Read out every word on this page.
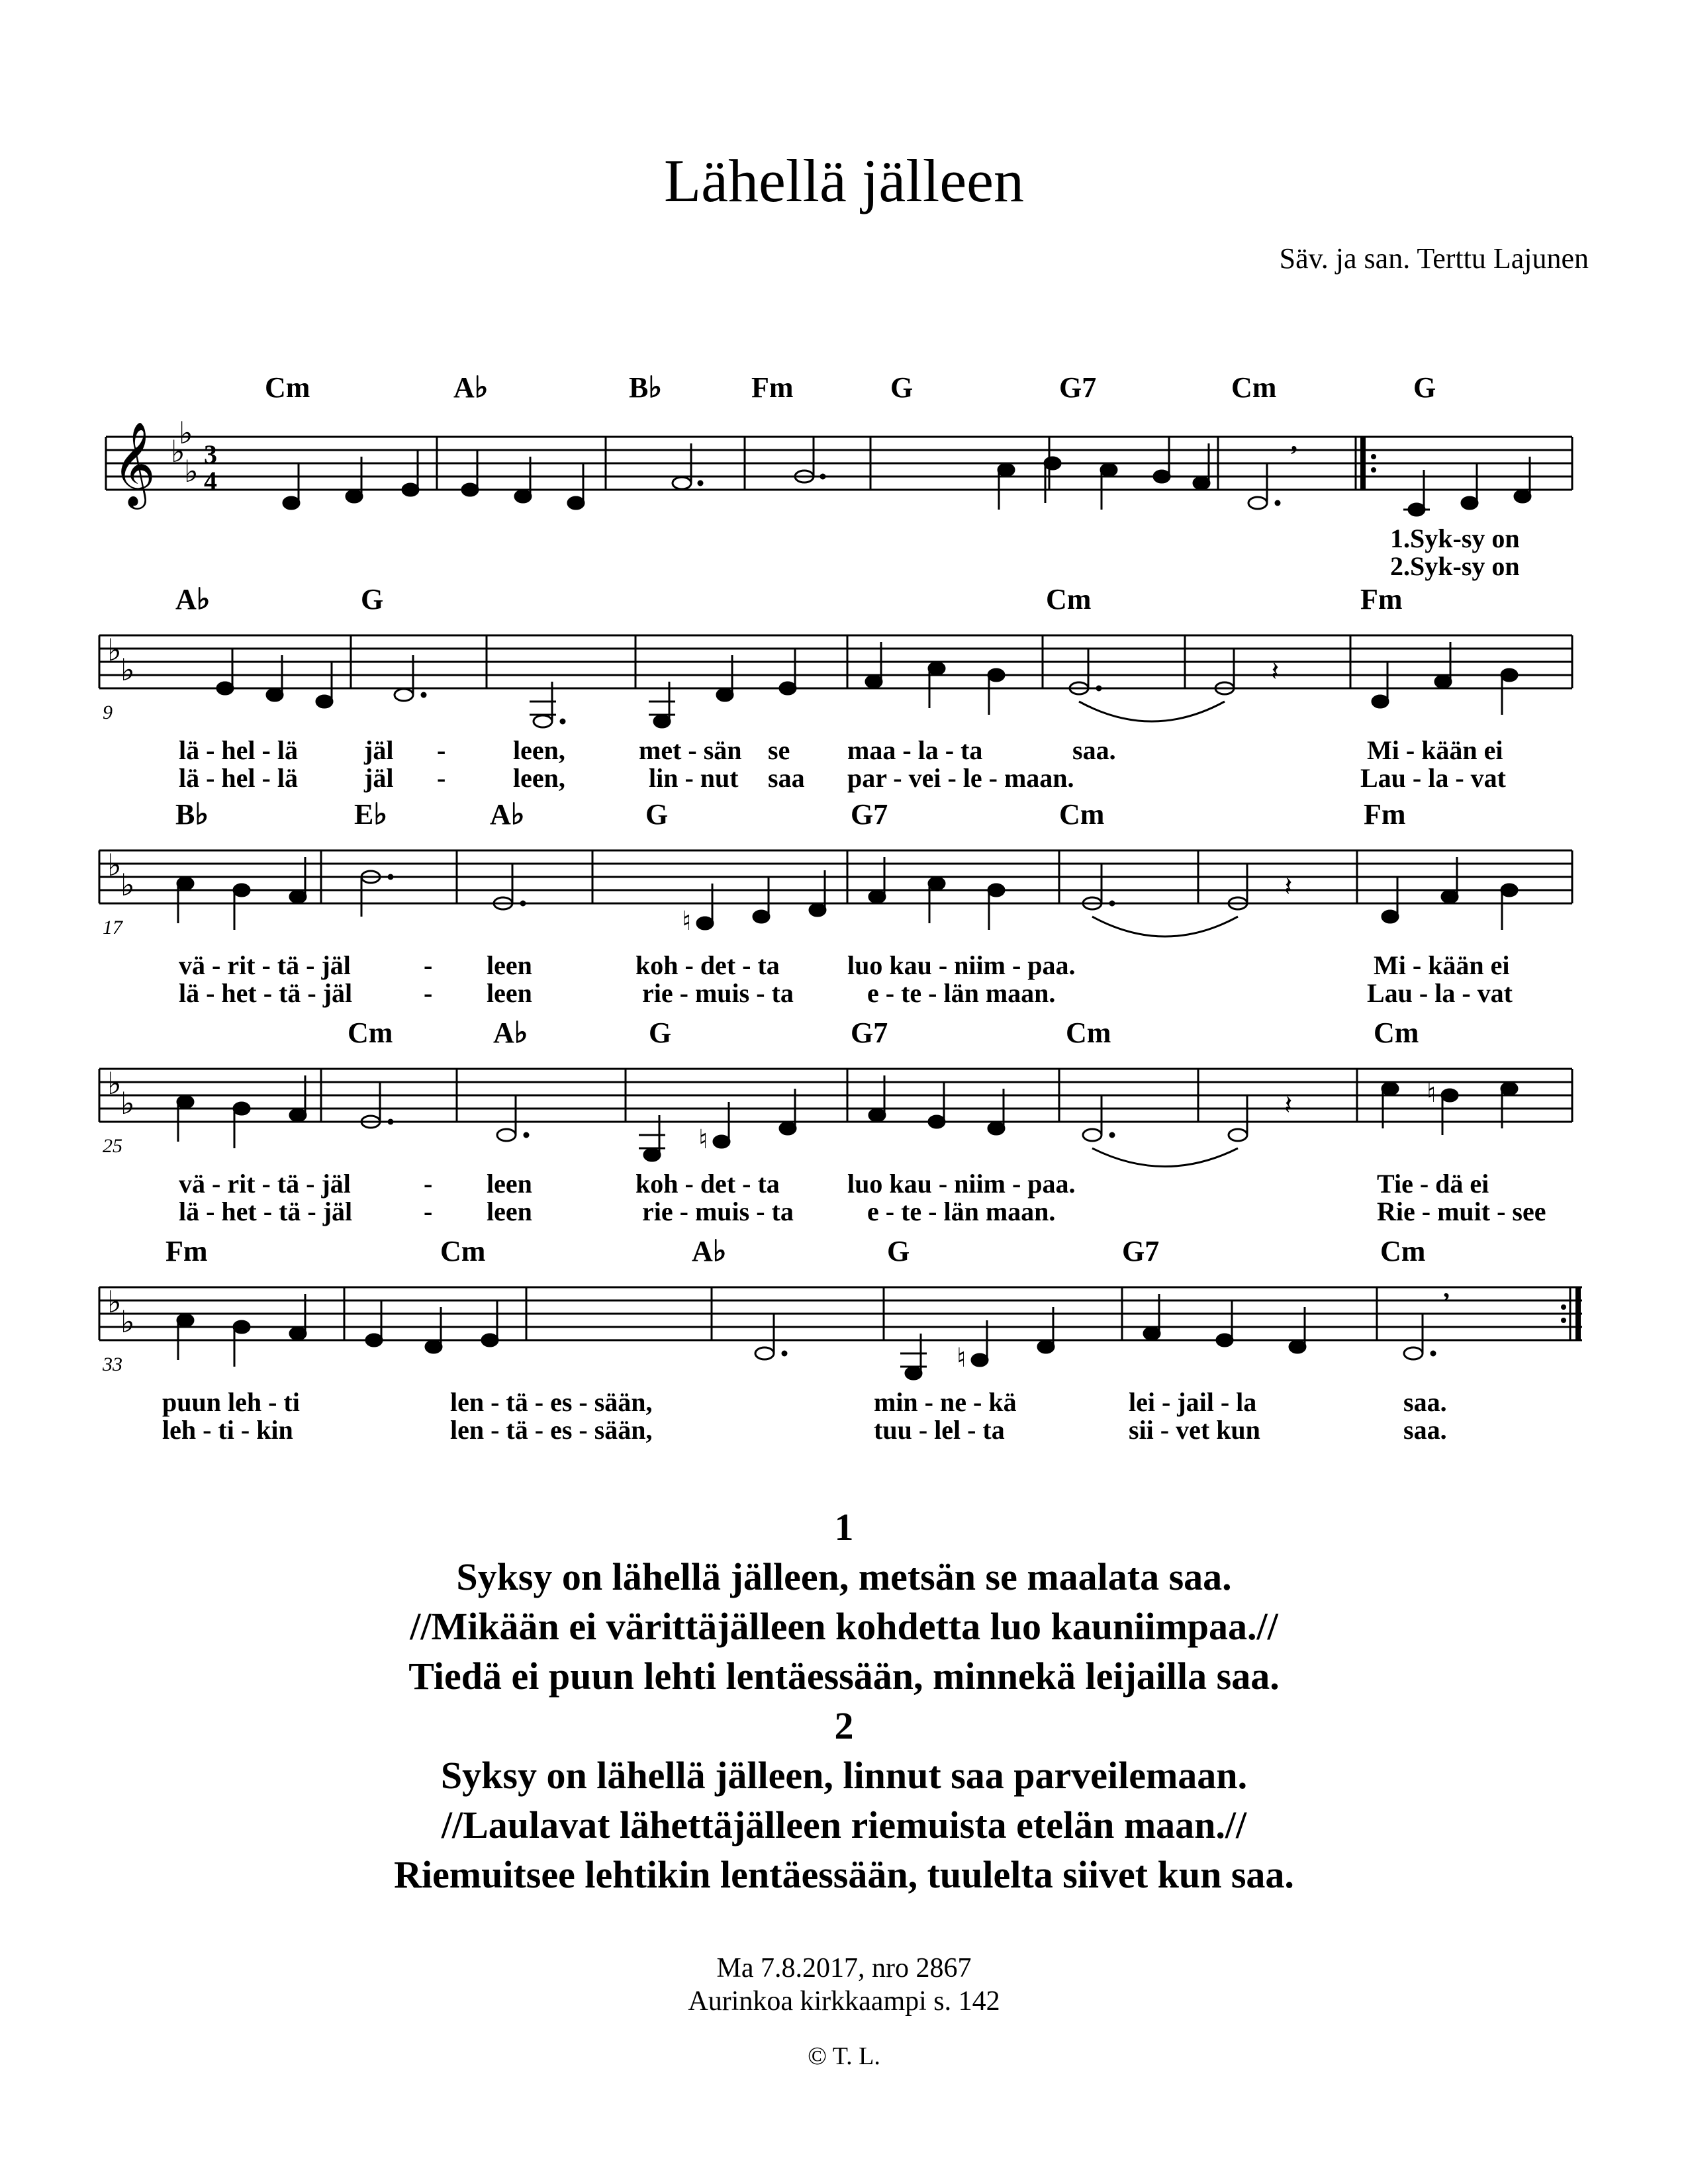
Lähellä jälleen
Säv. ja san. Terttu Lajunen
𝄞 ♭
♭
♭
3
4
,
Cm	A♭	B♭	Fm	G	G7	Cm	G
1.Syk-sy on
2.Syk-sy on
♭
♭	𝄽
9
A♭	G	Cm	Fm
lä - hel - lä	jäl -	leen,	met - sän se maa - la - ta	saa.	Mi - kään ei
lä - hel - lä	jäl -	leen,	lin - nut saa par - vei - le - maan.	Lau - la - vat
♭
♭
♮
𝄽
17
B♭	E♭	A♭	G	G7	Cm	Fm
vä - rit - tä - jäl	- leen	koh - det - ta	luo kau - niim - paa.	Mi - kään ei
lä - het - tä - jäl	- leen	rie - muis - ta	e - te - län maan.	Lau - la - vat
♭
♭
♮
♮
𝄽
25
Cm	A♭	G	G7	Cm	Cm
vä - rit - tä - jäl	- leen	koh - det - ta	luo kau - niim - paa.	Tie - dä ei
lä - het - tä - jäl	- leen	rie - muis - ta	e - te - län maan.	Rie - muit - see
♭
♭
♮
,
33
Fm	Cm	A♭	G	G7	Cm
puun leh - ti	len - tä - es - sään,	min - ne - kä	lei - jail - la	saa.
leh - ti - kin	len - tä - es - sään,	tuu - lel - ta	sii - vet kun	saa.
1
Syksy on lähellä jälleen, metsän se maalata saa.
//Mikään ei värittäjälleen kohdetta luo kauniimpaa.//
Tiedä ei puun lehti lentäessään, minnekä leijailla saa.
2
Syksy on lähellä jälleen, linnut saa parveilemaan.
//Laulavat lähettäjälleen riemuista etelän maan.//
Riemuitsee lehtikin lentäessään, tuulelta siivet kun saa.
Ma 7.8.2017, nro 2867
Aurinkoa kirkkaampi s. 142
© T. L.
